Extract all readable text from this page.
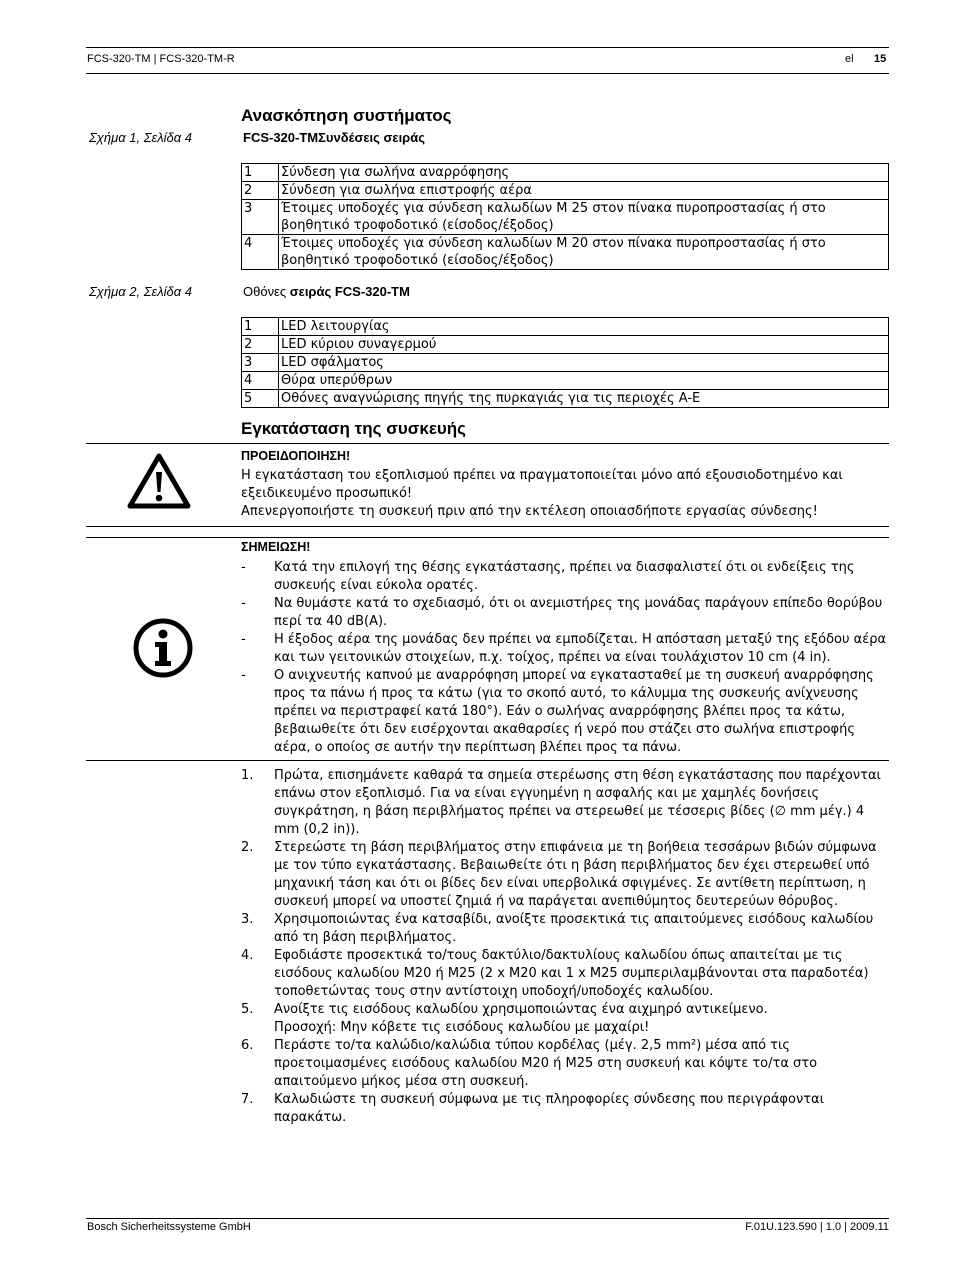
FCS-320-TM | FCS-320-TM-R	el 15
Ανασκόπηση συστήματος
Σχήμα 1, Σελίδα 4	FCS-320-TMΣυνδέσεις σειράς
1	Σύνδεση για σωλήνα αναρρόφησης
2	Σύνδεση για σωλήνα επιστροφής αέρα
3	Έτοιμες υποδοχές για σύνδεση καλωδίων M 25 στον πίνακα πυροπροστασίας ή στο βοηθητικό τροφοδοτικό (είσοδος/έξοδος)
4	Έτοιμες υποδοχές για σύνδεση καλωδίων M 20 στον πίνακα πυροπροστασίας ή στο βοηθητικό τροφοδοτικό (είσοδος/έξοδος)
Σχήμα 2, Σελίδα 4	Οθόνες σειράς FCS-320-TM
1	LED λειτουργίας
2	LED κύριου συναγερμού
3	LED σφάλματος
4	Θύρα υπερύθρων
5	Οθόνες αναγνώρισης πηγής της πυρκαγιάς για τις περιοχές A-E
Εγκατάσταση της συσκευής
ΠΡΟΕΙΔΟΠΟΙΗΣΗ!
Η εγκατάσταση του εξοπλισμού πρέπει να πραγματοποιείται μόνο από εξουσιοδοτημένο και εξειδικευμένο προσωπικό!
Απενεργοποιήστε τη συσκευή πριν από την εκτέλεση οποιασδήποτε εργασίας σύνδεσης!
ΣΗΜΕΙΩΣΗ!
- Κατά την επιλογή της θέσης εγκατάστασης, πρέπει να διασφαλιστεί ότι οι ενδείξεις της συσκευής είναι εύκολα ορατές.
- Να θυμάστε κατά το σχεδιασμό, ότι οι ανεμιστήρες της μονάδας παράγουν επίπεδο θορύβου περί τα 40 dB(A).
- Η έξοδος αέρα της μονάδας δεν πρέπει να εμποδίζεται. Η απόσταση μεταξύ της εξόδου αέρα και των γειτονικών στοιχείων, π.χ. τοίχος, πρέπει να είναι τουλάχιστον 10 cm (4 in).
- Ο ανιχνευτής καπνού με αναρρόφηση μπορεί να εγκατασταθεί με τη συσκευή αναρρόφησης προς τα πάνω ή προς τα κάτω (για το σκοπό αυτό, το κάλυμμα της συσκευής ανίχνευσης πρέπει να περιστραφεί κατά 180°). Εάν ο σωλήνας αναρρόφησης βλέπει προς τα κάτω, βεβαιωθείτε ότι δεν εισέρχονται ακαθαρσίες ή νερό που στάζει στο σωλήνα επιστροφής αέρα, ο οποίος σε αυτήν την περίπτωση βλέπει προς τα πάνω.
1. Πρώτα, επισημάνετε καθαρά τα σημεία στερέωσης στη θέση εγκατάστασης που παρέχονται επάνω στον εξοπλισμό. Για να είναι εγγυημένη η ασφαλής και με χαμηλές δονήσεις συγκράτηση, η βάση περιβλήματος πρέπει να στερεωθεί με τέσσερις βίδες (∅ mm μέγ.) 4 mm (0,2 in)).
2. Στερεώστε τη βάση περιβλήματος στην επιφάνεια με τη βοήθεια τεσσάρων βιδών σύμφωνα με τον τύπο εγκατάστασης. Βεβαιωθείτε ότι η βάση περιβλήματος δεν έχει στερεωθεί υπό μηχανική τάση και ότι οι βίδες δεν είναι υπερβολικά σφιγμένες. Σε αντίθετη περίπτωση, η συσκευή μπορεί να υποστεί ζημιά ή να παράγεται ανεπιθύμητος δευτερεύων θόρυβος.
3. Χρησιμοποιώντας ένα κατσαβίδι, ανοίξτε προσεκτικά τις απαιτούμενες εισόδους καλωδίου από τη βάση περιβλήματος.
4. Εφοδιάστε προσεκτικά το/τους δακτύλιο/δακτυλίους καλωδίου όπως απαιτείται με τις εισόδους καλωδίου M20 ή M25 (2 x M20 και 1 x M25 συμπεριλαμβάνονται στα παραδοτέα) τοποθετώντας τους στην αντίστοιχη υποδοχή/υποδοχές καλωδίου.
5. Ανοίξτε τις εισόδους καλωδίου χρησιμοποιώντας ένα αιχμηρό αντικείμενο.
Προσοχή: Μην κόβετε τις εισόδους καλωδίου με μαχαίρι!
6. Περάστε το/τα καλώδιο/καλώδια τύπου κορδέλας (μέγ. 2,5 mm²) μέσα από τις προετοιμασμένες εισόδους καλωδίου M20 ή M25 στη συσκευή και κόψτε το/τα στο απαιτούμενο μήκος μέσα στη συσκευή.
7. Καλωδιώστε τη συσκευή σύμφωνα με τις πληροφορίες σύνδεσης που περιγράφονται παρακάτω.
Bosch Sicherheitssysteme GmbH	F.01U.123.590 | 1.0 | 2009.11
